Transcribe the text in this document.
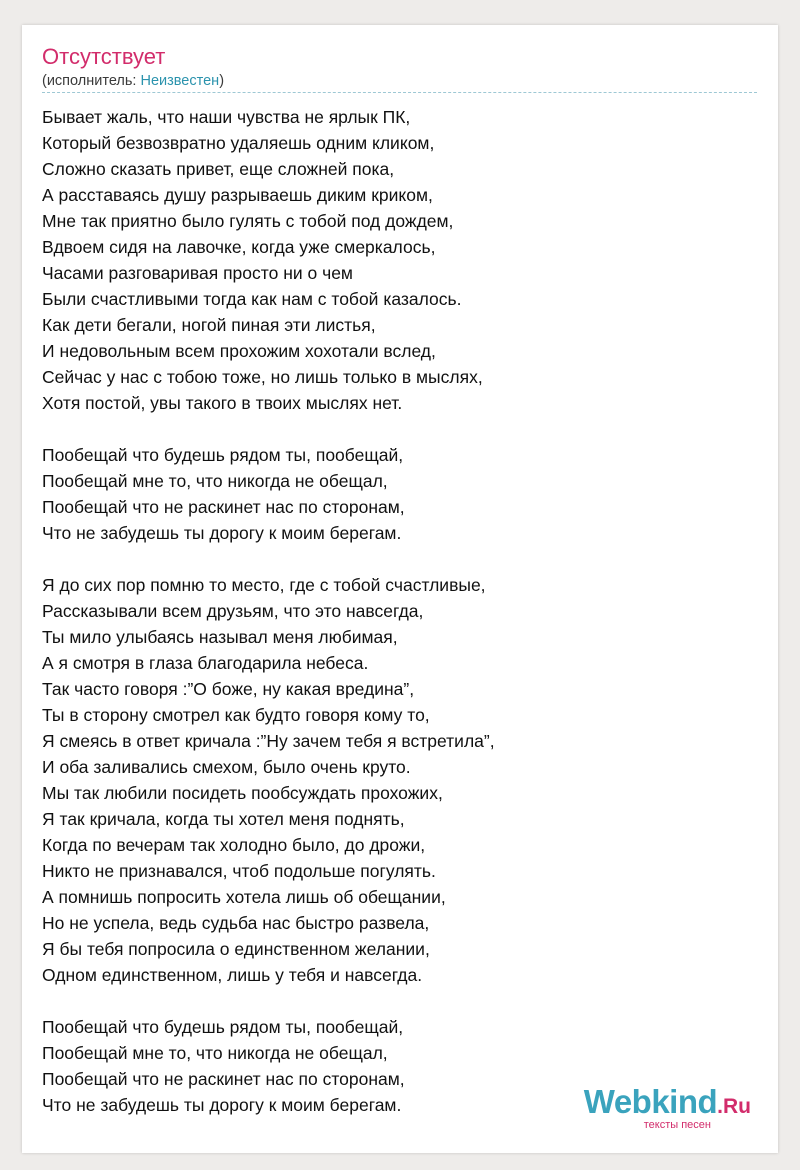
Отсутствует
(исполнитель: Неизвестен)
Бывает жаль, что наши чувства не ярлык ПК,
Который безвозвратно удаляешь одним кликом,
Сложно сказать привет, еще сложней пока,
А расставаясь душу разрываешь диким криком,
Мне так приятно было гулять с тобой под дождем,
Вдвоем сидя на лавочке, когда уже смеркалось,
Часами разговаривая просто ни о чем
Были счастливыми тогда как нам с тобой казалось.
Как дети бегали, ногой пиная эти листья,
И недовольным всем прохожим хохотали вслед,
Сейчас у нас с тобою тоже, но лишь только в мыслях,
Хотя постой, увы такого в твоих мыслях нет.
Пообещай что будешь рядом ты, пообещай,
Пообещай мне то, что никогда не обещал,
Пообещай что не раскинет нас по сторонам,
Что не забудешь ты дорогу к моим берегам.
Я до сих пор помню то место, где с тобой счастливые,
Рассказывали всем друзьям, что это навсегда,
Ты мило улыбаясь называл меня любимая,
А я смотря в глаза благодарила небеса.
Так часто говоря :”О боже, ну какая вредина”,
Ты в сторону смотрел как будто говоря кому то,
Я смеясь в ответ кричала :”Ну зачем тебя я встретила”,
И оба заливались смехом, было очень круто.
Мы так любили посидеть пообсуждать прохожих,
Я так кричала, когда ты хотел меня поднять,
Когда по вечерам так холодно было, до дрожи,
Никто не признавался, чтоб подольше погулять.
А помнишь попросить хотела лишь об обещании,
Но не успела, ведь судьба нас быстро развела,
Я бы тебя попросила о единственном желании,
Одном единственном, лишь у тебя и навсегда.
Пообещай что будешь рядом ты, пообещай,
Пообещай мне то, что никогда не обещал,
Пообещай что не раскинет нас по сторонам,
Что не забудешь ты дорогу к моим берегам.	Webkind.Ru
тексты песен
